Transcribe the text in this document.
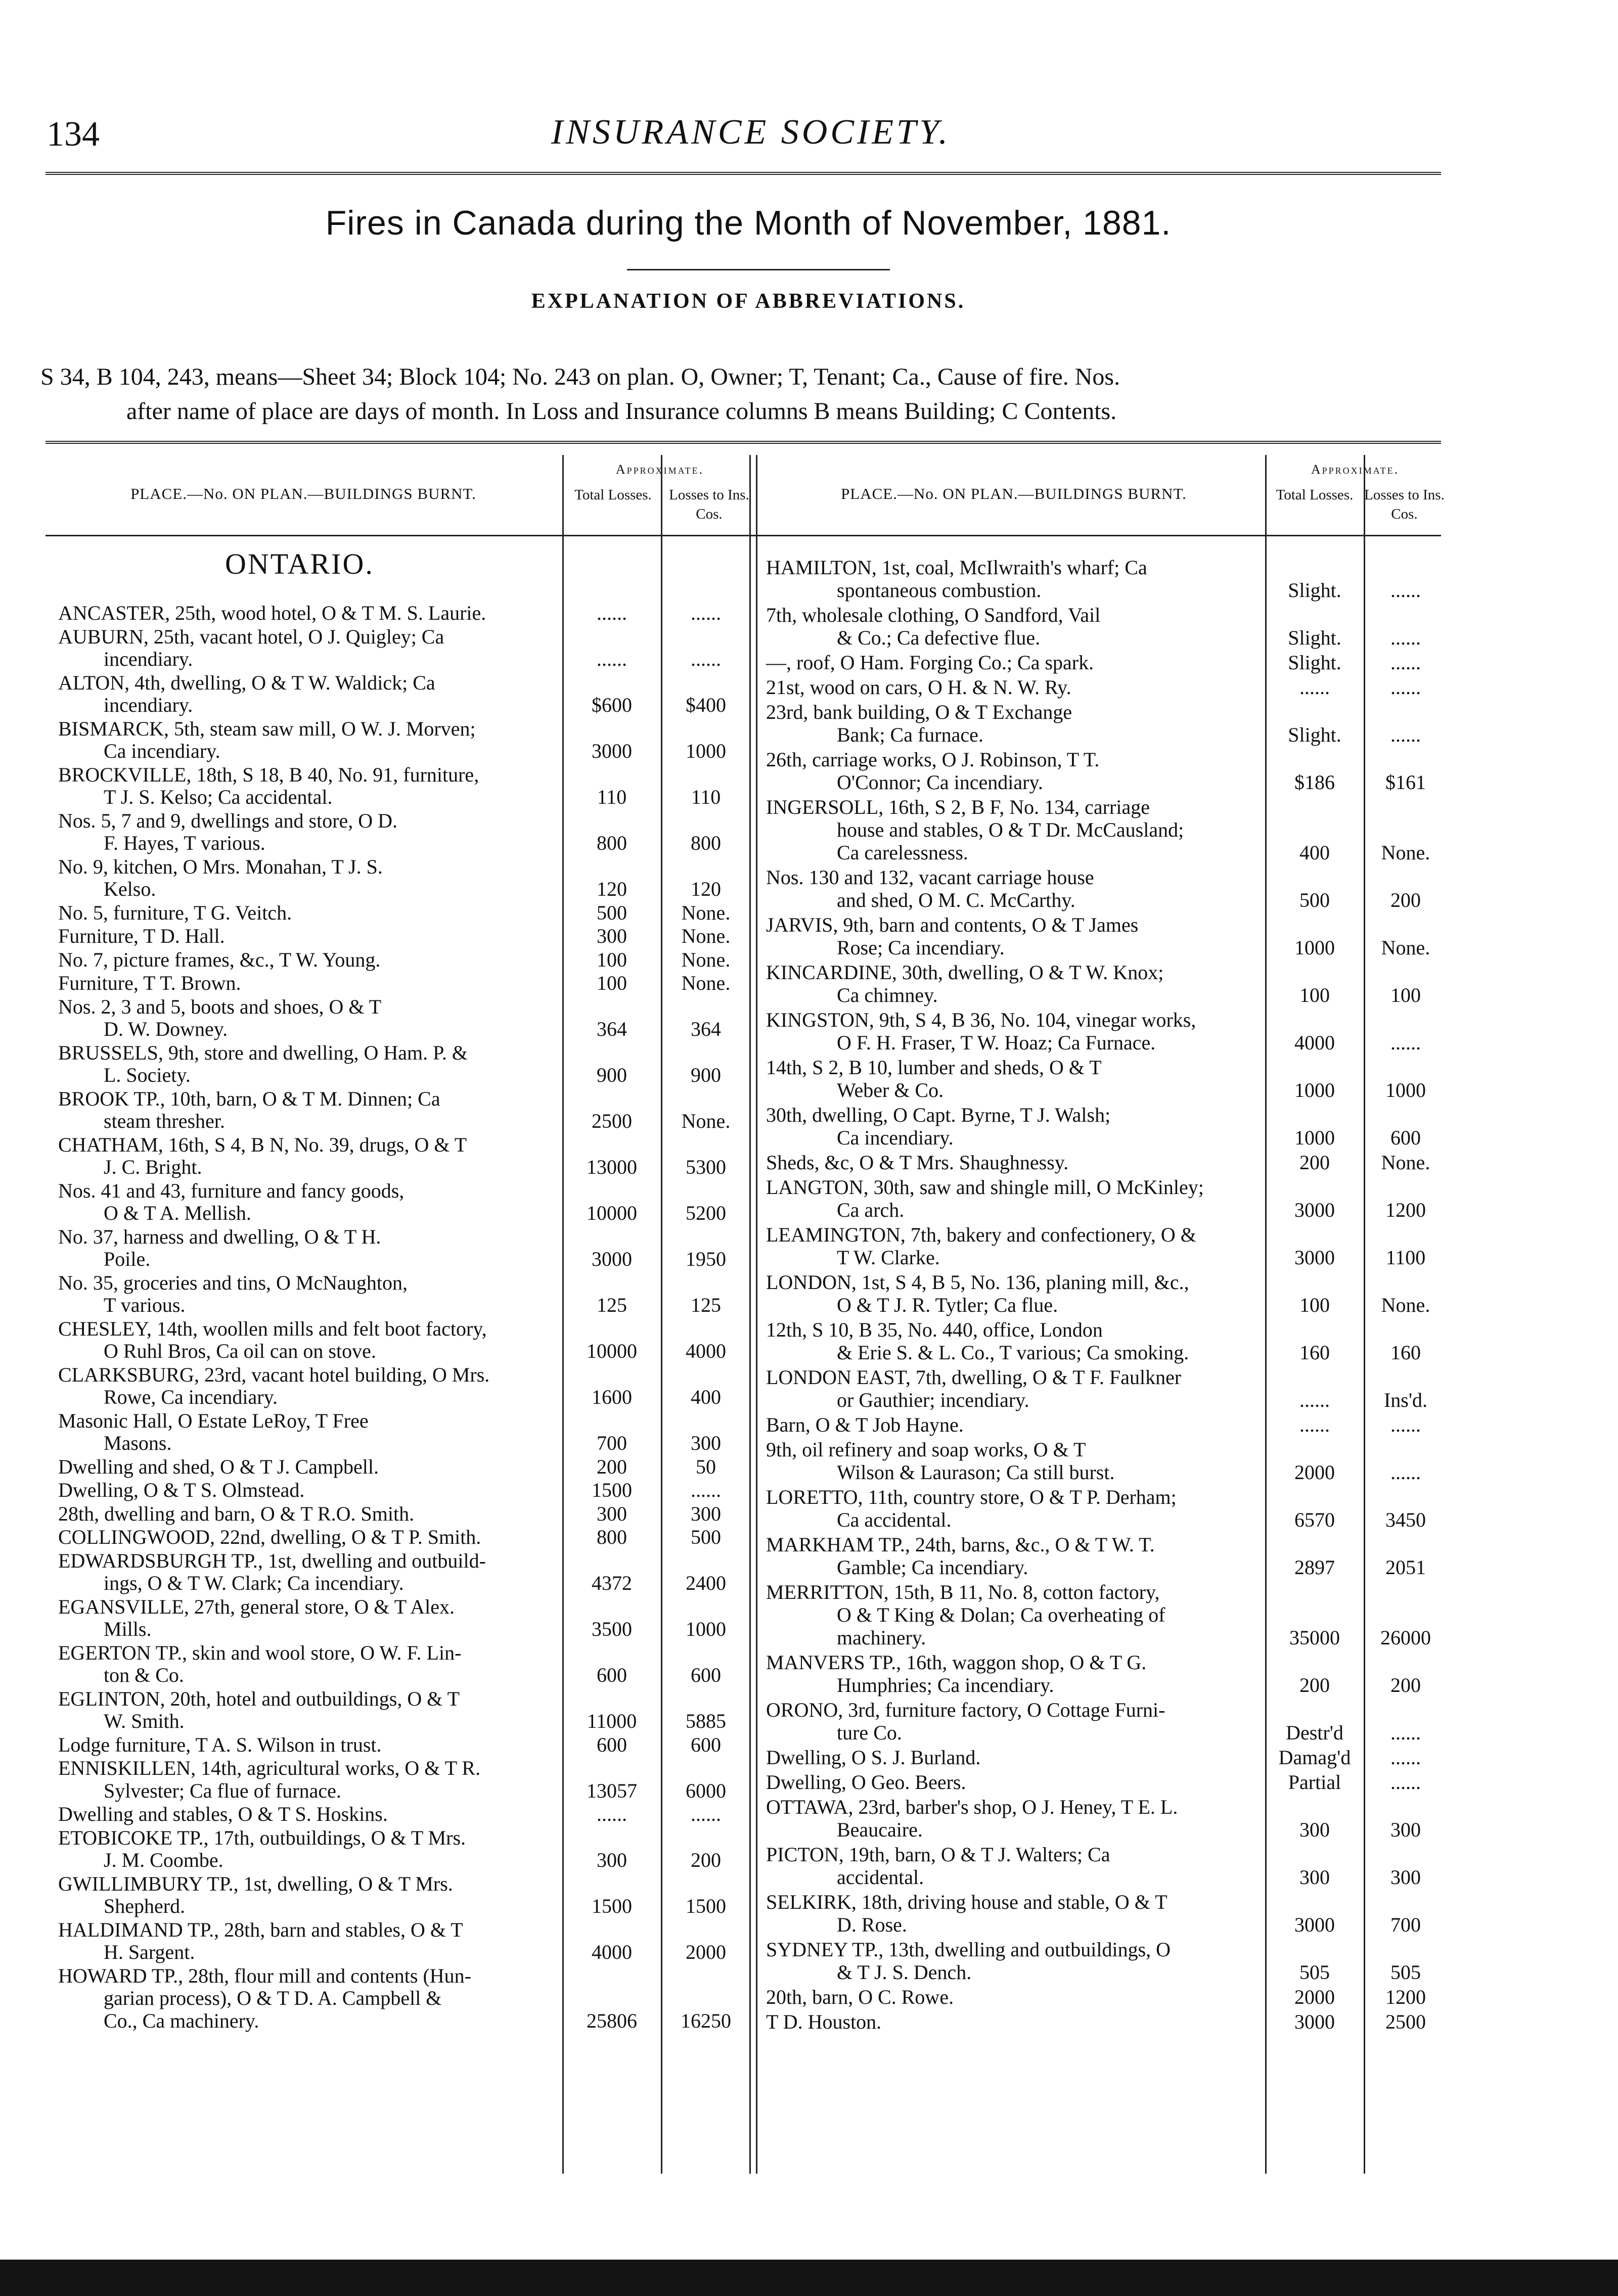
134	INSURANCE SOCIETY.
Fires in Canada during the Month of November, 1881.
EXPLANATION OF ABBREVIATIONS.
S 34, B 104, 243, means—Sheet 34; Block 104; No. 243 on plan. O, Owner; T, Tenant; Ca., Cause of fire. Nos.
after name of place are days of month. In Loss and Insurance columns B means Building; C Contents.
PLACE.—No. ON PLAN.—BUILDINGS BURNT.
Approximate.
Total Losses.	Losses to Ins. Cos.
PLACE.—No. ON PLAN.—BUILDINGS BURNT.
Approximate.
Total Losses. Losses to Ins. Cos.
ONTARIO.
ANCASTER, 25th, wood hotel, O & T M. S. Laurie.	......	......
AUBURN, 25th, vacant hotel, O J. Quigley; Ca
incendiary.	......	......
ALTON, 4th, dwelling, O & T W. Waldick; Ca
incendiary.	$600	$400
BISMARCK, 5th, steam saw mill, O W. J. Morven;
Ca incendiary.	3000	1000
BROCKVILLE, 18th, S 18, B 40, No. 91, furniture,
T J. S. Kelso; Ca accidental.	110	110
Nos. 5, 7 and 9, dwellings and store, O D.
F. Hayes, T various.	800	800
No. 9, kitchen, O Mrs. Monahan, T J. S.
Kelso.	120	120
No. 5, furniture, T G. Veitch.	500	None.
Furniture, T D. Hall.	300	None.
No. 7, picture frames, &c., T W. Young.	100	None.
Furniture, T T. Brown.	100	None.
Nos. 2, 3 and 5, boots and shoes, O & T
D. W. Downey.	364	364
BRUSSELS, 9th, store and dwelling, O Ham. P. &
L. Society.	900	900
BROOK TP., 10th, barn, O & T M. Dinnen; Ca
steam thresher.	2500	None.
CHATHAM, 16th, S 4, B N, No. 39, drugs, O & T
J. C. Bright.	13000	5300
Nos. 41 and 43, furniture and fancy goods,
O & T A. Mellish.	10000	5200
No. 37, harness and dwelling, O & T H.
Poile.	3000	1950
No. 35, groceries and tins, O McNaughton,
T various.	125	125
CHESLEY, 14th, woollen mills and felt boot factory,
O Ruhl Bros, Ca oil can on stove.	10000	4000
CLARKSBURG, 23rd, vacant hotel building, O Mrs.
Rowe, Ca incendiary.	1600	400
Masonic Hall, O Estate LeRoy, T Free
Masons.	700	300
Dwelling and shed, O & T J. Campbell.	200	50
Dwelling, O & T S. Olmstead.	1500	......
28th, dwelling and barn, O & T R.O. Smith.	300	300
COLLINGWOOD, 22nd, dwelling, O & T P. Smith.	800	500
EDWARDSBURGH TP., 1st, dwelling and outbuild-
ings, O & T W. Clark; Ca incendiary.	4372	2400
EGANSVILLE, 27th, general store, O & T Alex.
Mills.	3500	1000
EGERTON TP., skin and wool store, O W. F. Lin-
ton & Co.	600	600
EGLINTON, 20th, hotel and outbuildings, O & T
W. Smith.	11000	5885
Lodge furniture, T A. S. Wilson in trust.	600	600
ENNISKILLEN, 14th, agricultural works, O & T R.
Sylvester; Ca flue of furnace.	13057	6000
Dwelling and stables, O & T S. Hoskins.	......	......
ETOBICOKE TP., 17th, outbuildings, O & T Mrs.
J. M. Coombe.	300	200
GWILLIMBURY TP., 1st, dwelling, O & T Mrs.
Shepherd.	1500	1500
HALDIMAND TP., 28th, barn and stables, O & T
H. Sargent.	4000	2000
HOWARD TP., 28th, flour mill and contents (Hun-
garian process), O & T D. A. Campbell &
Co., Ca machinery.	25806	16250
HAMILTON, 1st, coal, McIlwraith's wharf; Ca
spontaneous combustion.	Slight.	......
7th, wholesale clothing, O Sandford, Vail
& Co.; Ca defective flue.	Slight.	......
—, roof, O Ham. Forging Co.; Ca spark.	Slight.	......
21st, wood on cars, O H. & N. W. Ry.	......	......
23rd, bank building, O & T Exchange
Bank; Ca furnace.	Slight.	......
26th, carriage works, O J. Robinson, T T.
O'Connor; Ca incendiary.	$186	$161
INGERSOLL, 16th, S 2, B F, No. 134, carriage
house and stables, O & T Dr. McCausland;
Ca carelessness.	400	None.
Nos. 130 and 132, vacant carriage house
and shed, O M. C. McCarthy.	500	200
JARVIS, 9th, barn and contents, O & T James
Rose; Ca incendiary.	1000	None.
KINCARDINE, 30th, dwelling, O & T W. Knox;
Ca chimney.	100	100
KINGSTON, 9th, S 4, B 36, No. 104, vinegar works,
O F. H. Fraser, T W. Hoaz; Ca Furnace.	4000	......
14th, S 2, B 10, lumber and sheds, O & T
Weber & Co.	1000	1000
30th, dwelling, O Capt. Byrne, T J. Walsh;
Ca incendiary.	1000	600
Sheds, &c, O & T Mrs. Shaughnessy.	200	None.
LANGTON, 30th, saw and shingle mill, O McKinley;
Ca arch.	3000	1200
LEAMINGTON, 7th, bakery and confectionery, O &
T W. Clarke.	3000	1100
LONDON, 1st, S 4, B 5, No. 136, planing mill, &c.,
O & T J. R. Tytler; Ca flue.	100	None.
12th, S 10, B 35, No. 440, office, London
& Erie S. & L. Co., T various; Ca smoking.	160	160
LONDON EAST, 7th, dwelling, O & T F. Faulkner
or Gauthier; incendiary.	......	Ins'd.
Barn, O & T Job Hayne.	......	......
9th, oil refinery and soap works, O & T
Wilson & Laurason; Ca still burst.	2000	......
LORETTO, 11th, country store, O & T P. Derham;
Ca accidental.	6570	3450
MARKHAM TP., 24th, barns, &c., O & T W. T.
Gamble; Ca incendiary.	2897	2051
MERRITTON, 15th, B 11, No. 8, cotton factory,
O & T King & Dolan; Ca overheating of
machinery.	35000	26000
MANVERS TP., 16th, waggon shop, O & T G.
Humphries; Ca incendiary.	200	200
ORONO, 3rd, furniture factory, O Cottage Furni-
ture Co.	Destr'd	......
Dwelling, O S. J. Burland.	Damag'd	......
Dwelling, O Geo. Beers.	Partial	......
OTTAWA, 23rd, barber's shop, O J. Heney, T E. L.
Beaucaire.	300	300
PICTON, 19th, barn, O & T J. Walters; Ca
accidental.	300	300
SELKIRK, 18th, driving house and stable, O & T
D. Rose.	3000	700
SYDNEY TP., 13th, dwelling and outbuildings, O
& T J. S. Dench.	505	505
20th, barn, O C. Rowe.	2000	1200
T D. Houston.	3000	2500
